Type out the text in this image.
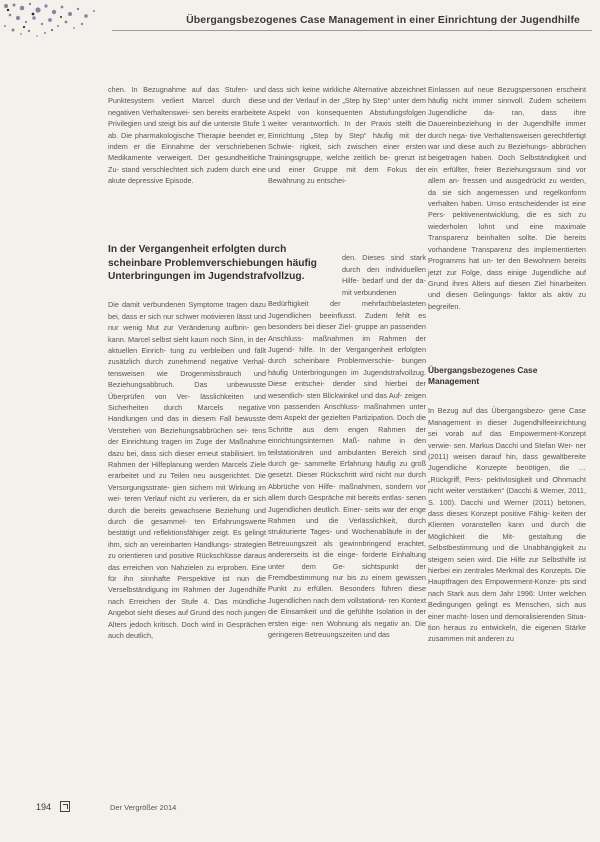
Übergangsbezogenes Case Management in einer Einrichtung der Jugendhilfe

chen. In Bezugnahme auf das Stufen- und Punktesystem verliert Marcel durch diese negativen Verhaltenswei- sen bereits erarbeitete Privilegien und steigt bis auf die unterste Stufe 1 ab. Die pharmakologische Therapie beendet er, indem er die Einnahme der verschriebenen Medikamente verweigert. Der gesundheitliche Zu- stand verschlechtert sich zudem durch eine akute depressive Episode.

In der Vergangenheit erfolgten durch scheinbare Problemverschiebungen häufig Unterbringungen im Jugendstrafvollzug.

Die damit verbundenen Symptome tragen dazu bei, dass er sich nur schwer motivieren lässt und nur wenig Mut zur Veränderung aufbrin- gen kann. Marcel selbst sieht kaum noch Sinn, in der aktuellen Einrich- tung zu verbleiben und fällt zusätzlich durch zunehmend negative Verhal- tensweisen wie Drogenmissbrauch und Beziehungsabbruch. Das unbewusste Überprüfen von Ver- lässlichkeiten und Sicherheiten durch Marcels negative Handlungen und das in diesem Fall bewusste Verstehen von Beziehungsabbrüchen sei- tens der Einrichtung tragen im Zuge der Maßnahme dazu bei, dass sich dieser erneut stabilisiert. Im Rahmen der Hilfeplanung werden Marcels Ziele erarbeitet und zu Teilen neu ausgerichtet. Die Versorgungsstrate- gien sichern mit Wirkung im wei- teren Verlauf nicht zu verlieren, da er sich durch die bereits gewachsene Beziehung und durch die gesammel- ten Erfahrungswerte bestätigt und reflektionsfähiger zeigt. Es gelingt ihm, sich an vereinbarten Handlungs- strategien zu orientieren und positive Rückschlüsse daraus das erreichen von Nahzielen zu erproben. Eine für ihn sinnhafte Perspektive ist nun die Verselbständigung im Rahmen der Jugendhilfe nach Erreichen der Stufe 4. Das mündliche Angebot sieht dieses auf Grund des noch jungen Alters jedoch kritisch. Doch wird in Gesprächen auch deutlich,

dass sich keine wirkliche Alternative abzeichnet und der Verlauf in der „Step by Step“ unter dem Aspekt von konsequenten Abstufungsfolgen weiter verantwortlich. In der Praxis stellt die Einrichtung „Step by Step“ häufig mit der Schwie- rigkeit, sich zwischen einer ersten Trainingsgruppe, welche zeitlich be- grenzt ist und einer Gruppe mit dem Fokus der Bewährung zu entschei-

den. Dieses sind stark durch den individuellen Hilfe- bedarf und der da- mit verbundenen

Bedürftigkeit der mehrfachbelasteten Jugendlichen beeinflusst. Zudem fehlt es besonders bei dieser Ziel- gruppe an passenden Anschluss- maßnahmen im Rahmen der Jugend- hilfe. In der Vergangenheit erfolgten durch scheinbare Problemverschie- bungen häufig Unterbringungen im Jugendstrafvollzug. Diese entschei- dender sind hierbei der wesentlich- sten Blickwinkel und das Auf- zeigen von passenden Anschluss- maßnahmen unter dem Aspekt der gezielten Partizipation. Doch die Schritte aus dem engen Rahmen der einrichtungsinternen Maß- nahme in den teilstationären und ambulanten Bereich sind durch ge- sammelte Erfahrung häufig zu groß gesetzt. Dieser Rückschritt wird nicht nur durch Abbrüche von Hilfe- maßnahmen, sondern vor allem durch Gespräche mit bereits entlas- senen Jugendlichen deutlich. Einer- seits war der enge Rahmen und die Verlässlichkeit, durch strukturierte Tages- und Wochenabläufe in der Betreuungszeit als gewinnbringend erachtet, andererseits ist die einge- forderte Einhaltung unter dem Ge- sichtspunkt der Fremdbestimmung nur bis zu einem gewissen Punkt zu erfüllen. Besonders führen diese Jugendlichen nach dem vollstationä- ren Kontext die Einsamkeit und die gefühlte Isolation in der ersten eige- nen Wohnung als negativ an. Die geringeren Betreuungszeiten und das

Einlassen auf neue Bezugspersonen erscheint häufig nicht immer sinnvoll. Zudem scheitern Jugendliche da- ran, dass ihre Dauereinbeziehung in der Jugendhilfe immer durch nega- tive Verhaltensweisen gerechtfertigt war und diese auch zu Beziehungs- abbrüchen beigetragen haben. Doch Selbständigkeit und ein erfüllter, freier Beziehungsraum sind vor allem an- fressen und ausgedrückt zu werden, da sie sich angemessen und regelkonform verhalten haben. Umso entscheidender ist eine Pers- pektivenentwicklung, die es sich zu wiederholen lohnt und eine maximale Transparenz beinhalten sollte. Die bereits vorhandene Transparenz des implementierten Programms hat un- ter den Bewohnern bereits jetzt zur Folge, dass einige Jugendliche auf Grund ihres Alters auf diesen Ziel hinarbeiten und diesen Gelingungs- faktor als aktiv zu begreifen.

Übergangsbezogenes Case Management

In Bezug auf das Übergangsbezo- gene Case Management in dieser Jugendhilfeeinrichtung sei vorab auf das Empowerment-Konzept verwie- sen. Markus Dacchi und Stefan Wer- ner (2011) weisen darauf hin, dass gewaltbereite Jugendliche Konzepte benötigen, die … „Rückgriff, Pers- pektivlosigkeit und Ohnmacht nicht weiter verstärken“ (Dacchi & Werner, 2011, S. 100). Dacchi und Werner (2011) betonen, dass dieses Konzept positive Fähig- keiten der Klienten voranstellen kann und durch die Möglichkeit die Mit- gestaltung die Selbstbestimmung und die Unabhängigkeit zu steigern seien wird. Die Hilfe zur Selbsthilfe ist hierbei ein zentrales Merkmal des Konzepts. Die Hauptfragen des Empowerment-Konze- pts sind nach Stark aus dem Jahr 1996: Unter welchen Bedingungen gelingt es Menschen, sich aus einer macht- losen und demoralisierenden Situa- tion heraus zu entwickeln, die eigenen Stärke zusammen mit anderen zu

194	Der Vergrößer 2014
